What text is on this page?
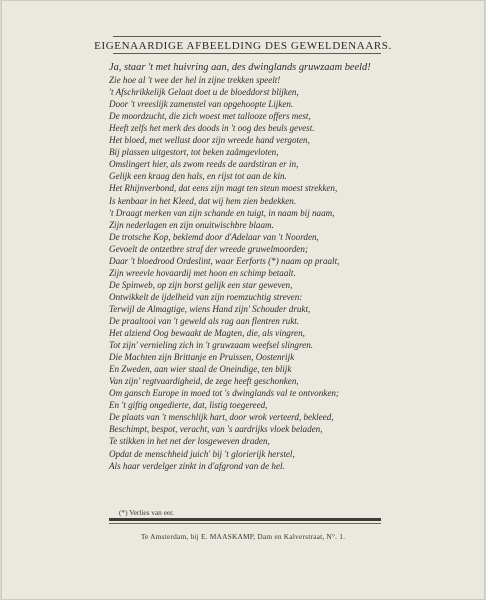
EIGENAARDIGE AFBEELDING DES GEWELDENAARS.
Ja, staar 't met huivring aan, des dwinglands gruwzaam beeld!
Zie hoe al 't wee der hel in zijne trekken speelt!
't Afschrikkelijk Gelaat doet u de bloeddorst blijken,
Door 't vreeslijk zamenstel van opgehoopte Lijken.
De moordzucht, die zich woest met tallooze offers mest,
Heeft zelfs het merk des doods in 't oog des beuls gevest.
Het bloed, met wellust door zijn wreede hand vergoten,
Bij plassen uitgestort, tot beken zaâmgevloten,
Omslingert hier, als zwom reeds de aardstiran er in,
Gelijk een kraag den hals, en rijst tot aan de kin.
Het Rhijnverbond, dat eens zijn magt ten steun moest strekken,
Is kenbaar in het Kleed, dat wij hem zien bedekken.
't Draagt merken van zijn schande en tuigt, in naam bij naam,
Zijn nederlagen en zijn onuitwischbre blaam.
De trotsche Kop, beklemd door d'Adelaar van 't Noorden,
Gevoelt de ontzetbre straf der wreede gruwelmoorden;
Daar 't bloedrood Ordeslint, waar Eerforts (*) naam op praalt,
Zijn wreevle hovaardij met hoon en schimp betaalt.
De Spinweb, op zijn borst gelijk een star geweven,
Ontwikkelt de ijdelheid van zijn roemzuchtig streven:
Terwijl de Almagtige, wiens Hand zijn' Schouder drukt,
De praaltooi van 't geweld als rag aan flentren rukt.
Het alziend Oog bewaakt de Magten, die, als vingren,
Tot zijn' vernieling zich in 't gruwzaam weefsel slingren.
Die Machten zijn Brittanje en Pruissen, Oostenrijk
En Zweden, aan wier staal de Oneindige, ten blijk
Van zijn' regtvaardigheid, de zege heeft geschonken,
Om gansch Europe in moed tot 's dwinglands val te ontvonken;
En 't giftig ongedierte, dat, listig toegereed,
De plaats van 't menschlijk hart, door wrok verteerd, bekleed,
Beschimpt, bespot, veracht, van 's aardrijks vloek beladen,
Te stikken in het net der losgeweven draden,
Opdat de menschheid juich' bij 't glorierijk herstel,
Als haar verdelger zinkt in d'afgrond van de hel.
(*) Verlies van eer.
Te Amsterdam, bij E. MAASKAMP, Dam en Kalverstraat, N°. 1.
